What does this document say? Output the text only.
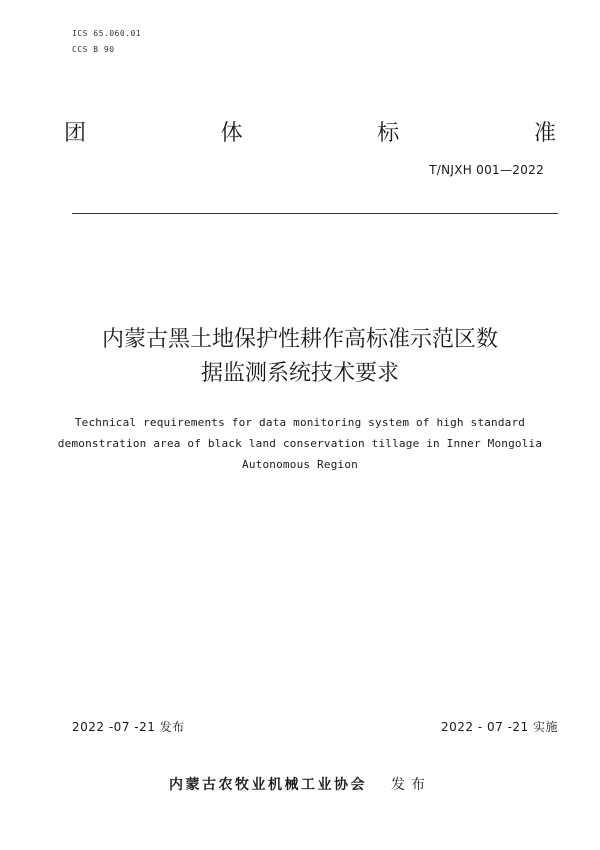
ICS 65.060.01
CCS B 90
团	体	标	准
T/NJXH 001—2022
内蒙古黑土地保护性耕作高标准示范区数
据监测系统技术要求
Technical requirements for data monitoring system of high standard
demonstration area of black land conservation tillage in Inner Mongolia
Autonomous Region
2022 -07 -21 发布	2022 - 07 -21 实施
内蒙古农牧业机械工业协会 发布
